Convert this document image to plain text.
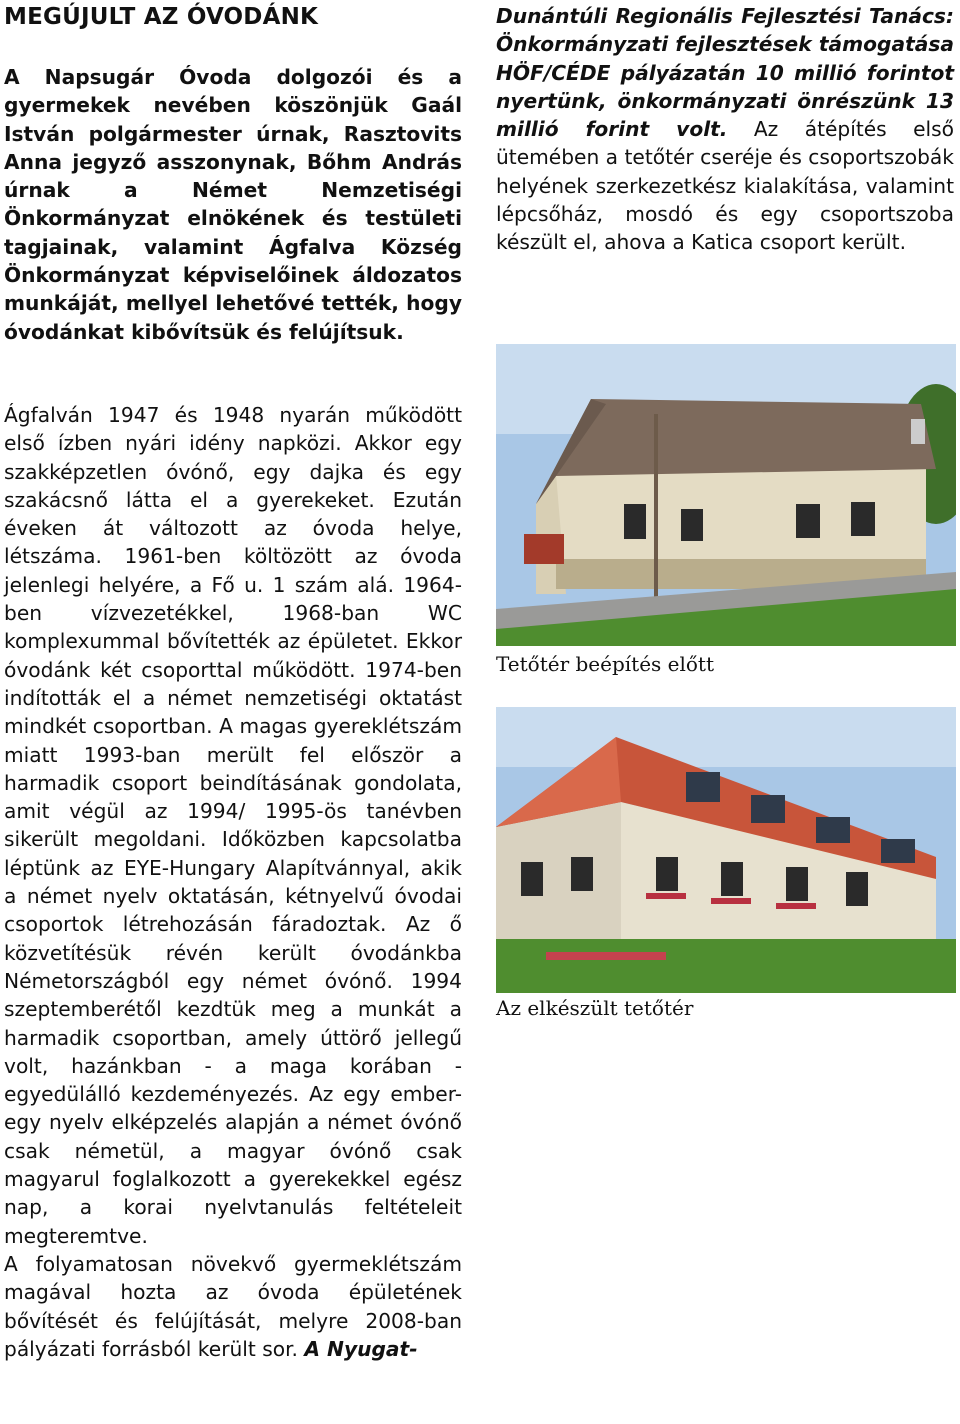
MEGÚJULT AZ ÓVODÁNK

A Napsugár Óvoda dolgozói és a gyermekek nevében köszönjük Gaál István polgármester úrnak, Rasztovits Anna jegyző asszonynak, Bőhm András úrnak a Német Nemzetiségi Önkormányzat elnökének és testületi tagjainak, valamint Ágfalva Község Önkormányzat képviselőinek áldozatos munkáját, mellyel lehetővé tették, hogy óvodánkat kibővítsük és felújítsuk.

Ágfalván 1947 és 1948 nyarán működött első ízben nyári idény napközi. Akkor egy szakképzetlen óvónő, egy dajka és egy szakácsnő látta el a gyerekeket. Ezután éveken át változott az óvoda helye, létszáma. 1961-ben költözött az óvoda jelenlegi helyére, a Fő u. 1 szám alá. 1964-ben vízvezetékkel, 1968-ban WC komplexummal bővítették az épületet. Ekkor óvodánk két csoporttal működött. 1974-ben indították el a német nemzetiségi oktatást mindkét csoportban. A magas gyereklétszám miatt 1993-ban merült fel először a harmadik csoport beindításának gondolata, amit végül az 1994/ 1995-ös tanévben sikerült megoldani. Időközben kapcsolatba léptünk az EYE-Hungary Alapítvánnyal, akik a német nyelv oktatásán, kétnyelvű óvodai csoportok létrehozásán fáradoztak. Az ő közvetítésük révén került óvodánkba Németországból egy német óvónő. 1994 szeptemberétől kezdtük meg a munkát a harmadik csoportban, amely úttörő jellegű volt, hazánkban - a maga korában - egyedülálló kezdeményezés. Az egy ember- egy nyelv elképzelés alapján a német óvónő csak németül, a magyar óvónő csak magyarul foglalkozott a gyerekekkel egész nap, a korai nyelvtanulás feltételeit megteremtve.
A folyamatosan növekvő gyermeklétszám magával hozta az óvoda épületének bővítését és felújítását, melyre 2008-ban pályázati forrásból került sor. A Nyugat-

Dunántúli Regionális Fejlesztési Tanács: Önkormányzati fejlesztések támogatása HÖF/CÉDE pályázatán 10 millió forintot nyertünk, önkormányzati önrészünk 13 millió forint volt. Az átépítés első ütemében a tetőtér cseréje és csoportszobák helyének szerkezetkész kialakítása, valamint lépcsőház, mosdó és egy csoportszoba készült el, ahova a Katica csoport került.

Tetőtér beépítés előtt
Az elkészült tetőtér
